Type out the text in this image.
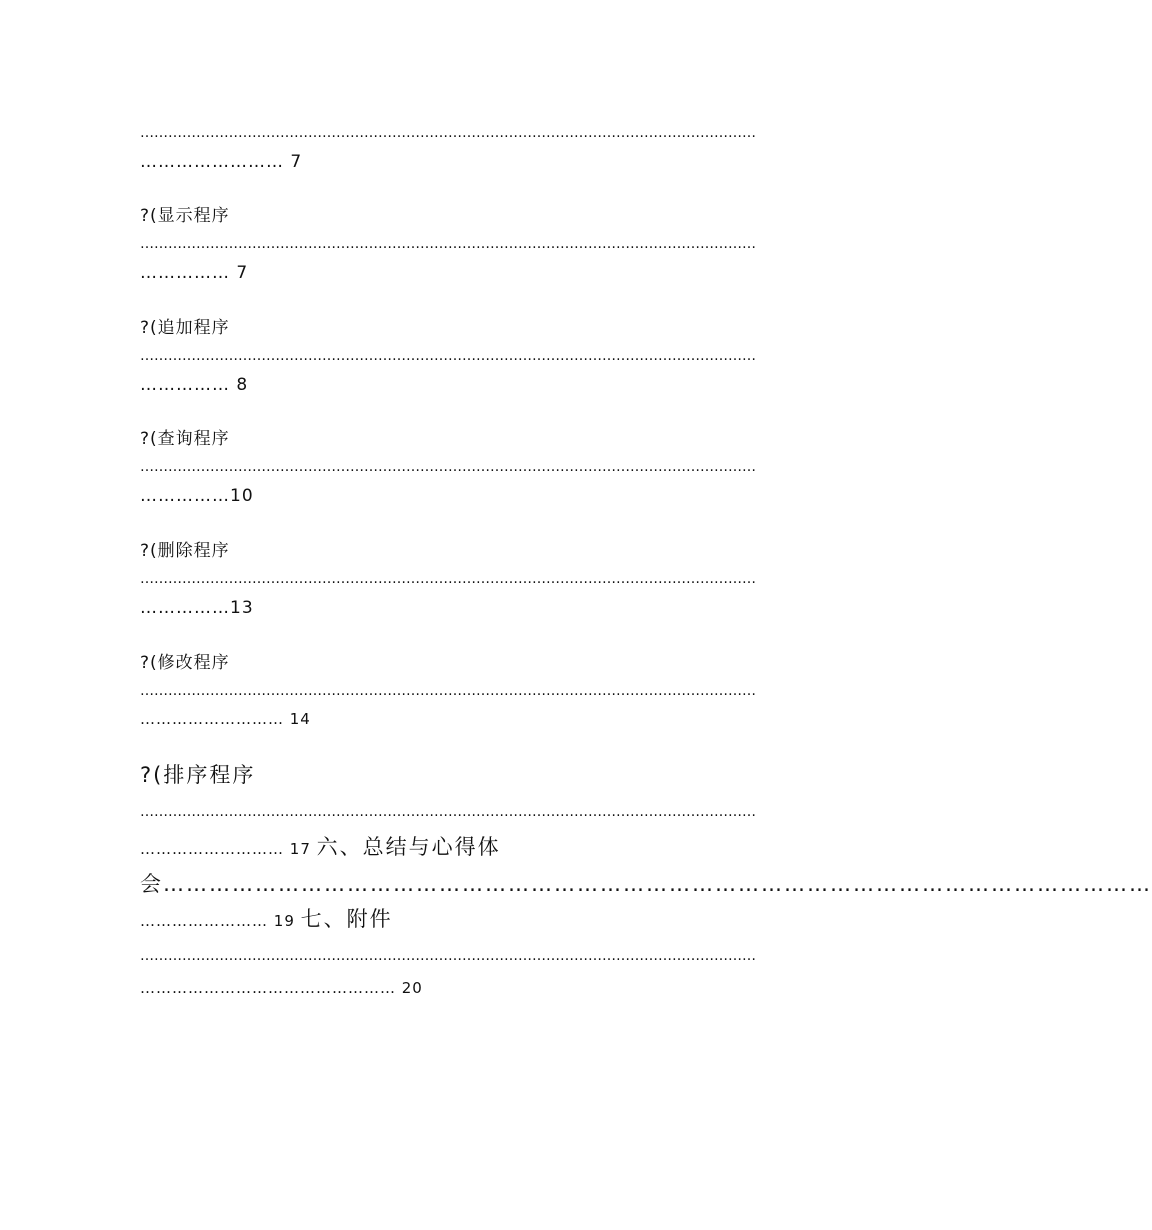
……………………………………………………………………………………………………………………
…………………… 7
?(显示程序
……………………………………………………………………………………………………………………
…………… 7
?(追加程序
……………………………………………………………………………………………………………………
…………… 8
?(查询程序
……………………………………………………………………………………………………………………
……………10
?(删除程序
……………………………………………………………………………………………………………………
……………13
?(修改程序
……………………………………………………………………………………………………………………
……………………… 14
?(排序程序
……………………………………………………………………………………………………………………
……………………… 17 六、总结与心得体
会…………………………………………………………………………………………………………………
…………………… 19 七、附件
……………………………………………………………………………………………………………………
………………………………………… 20
